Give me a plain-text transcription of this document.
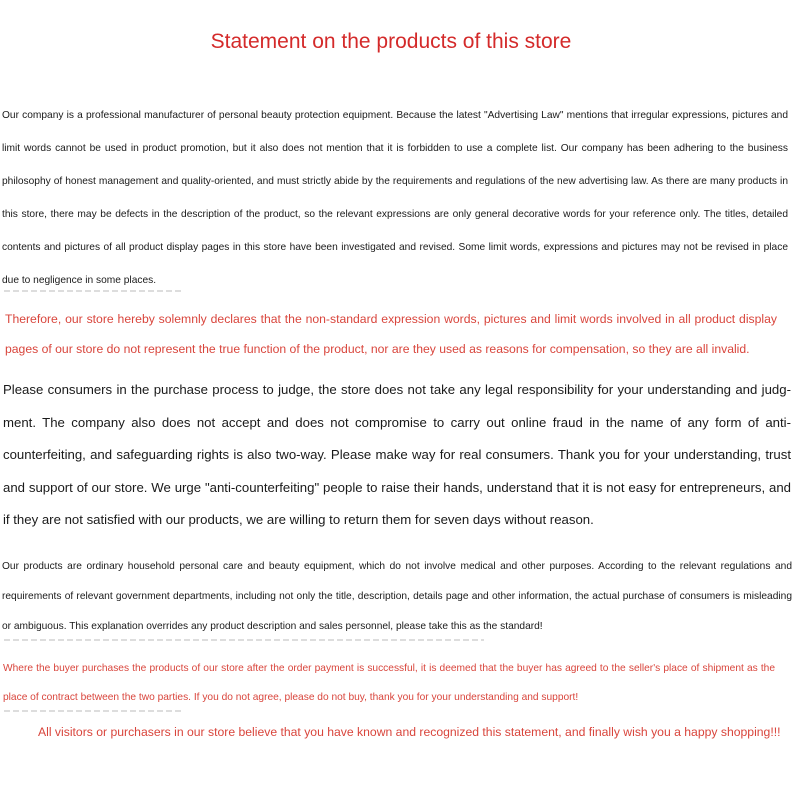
Statement on the products of this store

Our company is a professional manufacturer of personal beauty protection equipment. Because the latest "Advertising Law" mentions that irregular expressions, pictures and limit words cannot be used in product promotion, but it also does not mention that it is forbidden to use a complete list. Our company has been adhering to the business philosophy of honest management and quality-oriented, and must strictly abide by the requirements and regulations of the new advertising law. As there are many products in this store, there may be defects in the description of the product, so the relevant expressions are only general decorative words for your reference only. The titles, detailed contents and pictures of all product display pages in this store have been investigated and revised. Some limit words, expressions and pictures may not be revised in place due to negligence in some places.

Therefore, our store hereby solemnly declares that the non-standard expression words, pictures and limit words involved in all product display pages of our store do not represent the true function of the product, nor are they used as reasons for compensation, so they are all invalid.

Please consumers in the purchase process to judge, the store does not take any legal responsibility for your understanding and judgment. The company also does not accept and does not compromise to carry out online fraud in the name of any form of anti-counterfeiting, and safeguarding rights is also two-way. Please make way for real consumers. Thank you for your understanding, trust and support of our store. We urge "anti-counterfeiting" people to raise their hands, understand that it is not easy for entrepreneurs, and if they are not satisfied with our products, we are willing to return them for seven days without reason.

Our products are ordinary household personal care and beauty equipment, which do not involve medical and other purposes. According to the relevant regulations and requirements of relevant government departments, including not only the title, description, details page and other information, the actual purchase of consumers is misleading or ambiguous. This explanation overrides any product description and sales personnel, please take this as the standard!

Where the buyer purchases the products of our store after the order payment is successful, it is deemed that the buyer has agreed to the seller's place of shipment as the place of contract between the two parties. If you do not agree, please do not buy, thank you for your understanding and support!

All visitors or purchasers in our store believe that you have known and recognized this statement, and finally wish you a happy shopping!!!
